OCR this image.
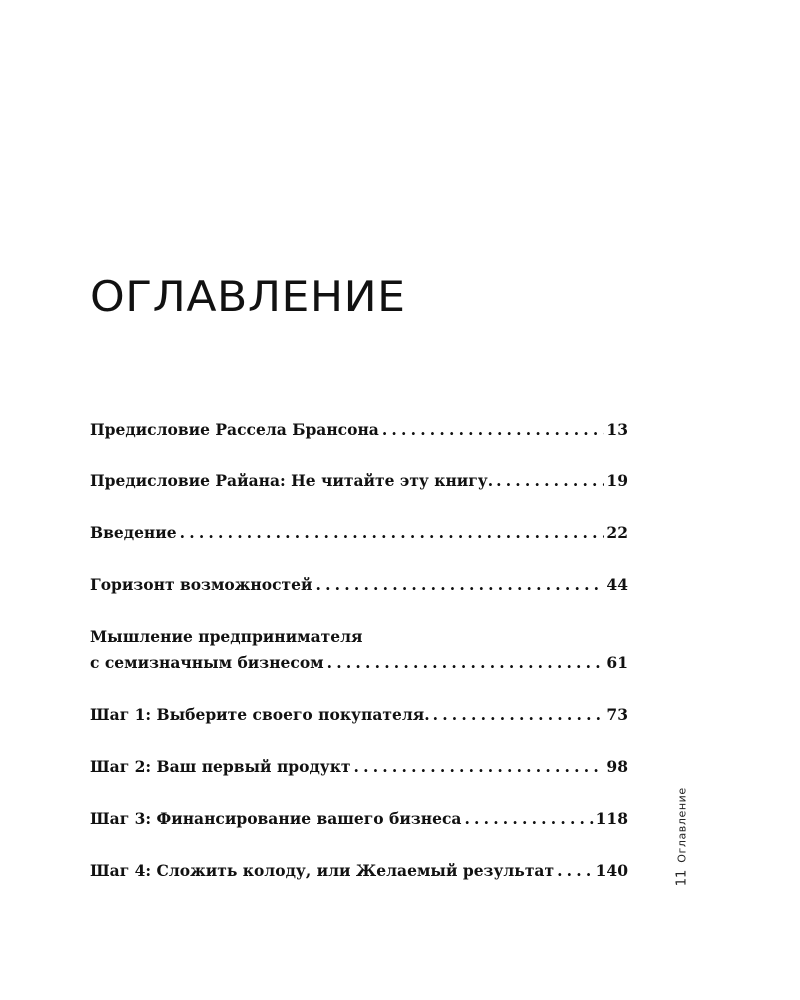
ОГЛАВЛЕНИЕ
Предисловие Рассела Брансона . . .	13
Предисловие Райана: Не читайте эту книгу. . . .	19
Введение . . .	22
Горизонт возможностей . . .	44
Мышление предпринимателя
с семизначным бизнесом . . .	61
Шаг 1: Выберите своего покупателя. . . .	73
Шаг 2: Ваш первый продукт . . .	98
Шаг 3: Финансирование вашего бизнеса . . .	118
Шаг 4: Сложить колоду, или Желаемый результат . . .	140
Оглавление
11
